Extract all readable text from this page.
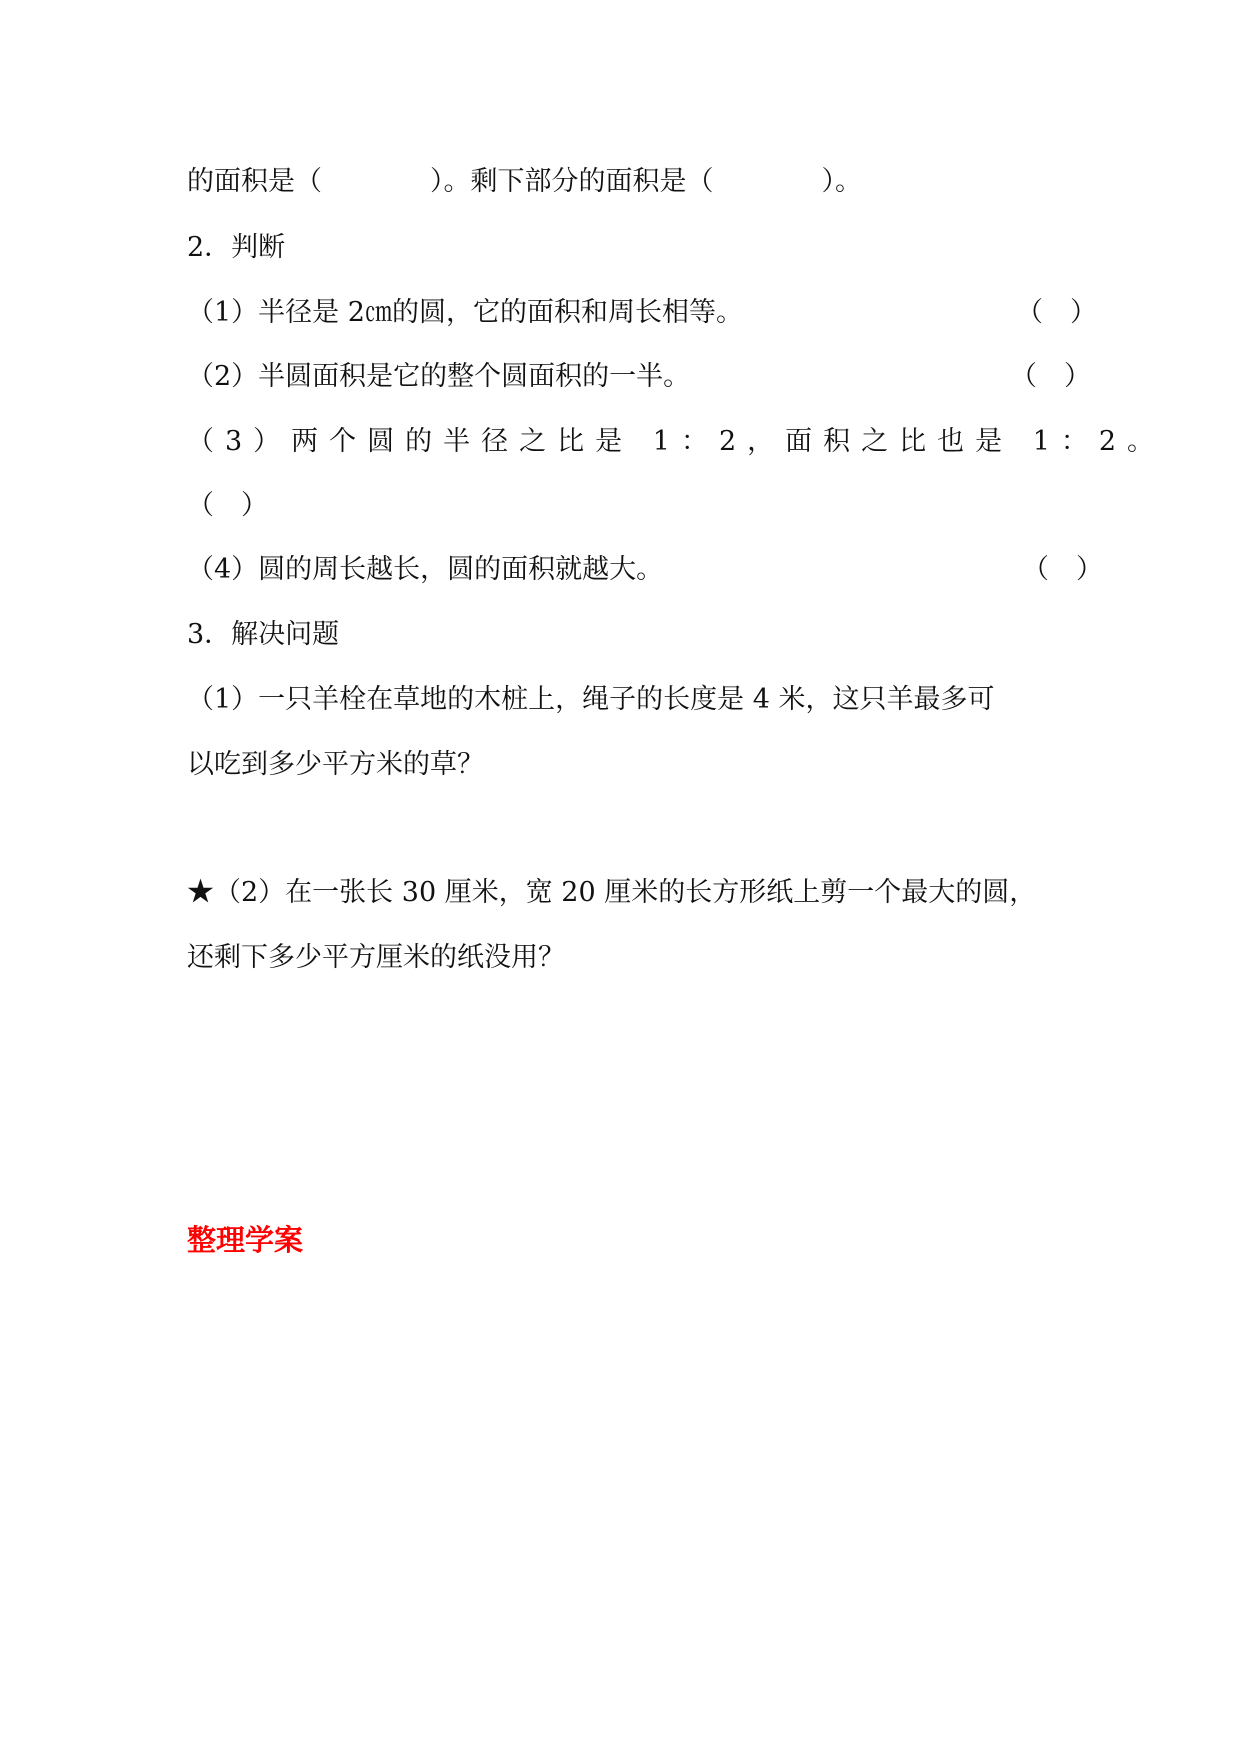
的面积是（　　　　）。剩下部分的面积是（　　　　）。
2．判断
（1）半径是 2㎝的圆，它的面积和周长相等。	（　）
（2）半圆面积是它的整个圆面积的一半。	（　）
（3）两个圆的半径之比是 1：2，面积之比也是 1：2。
（　）
（4）圆的周长越长，圆的面积就越大。	（　）
3．解决问题
（1）一只羊栓在草地的木桩上，绳子的长度是 4 米，这只羊最多可
以吃到多少平方米的草？
★（2）在一张长 30 厘米，宽 20 厘米的长方形纸上剪一个最大的圆，
还剩下多少平方厘米的纸没用？
整理学案
